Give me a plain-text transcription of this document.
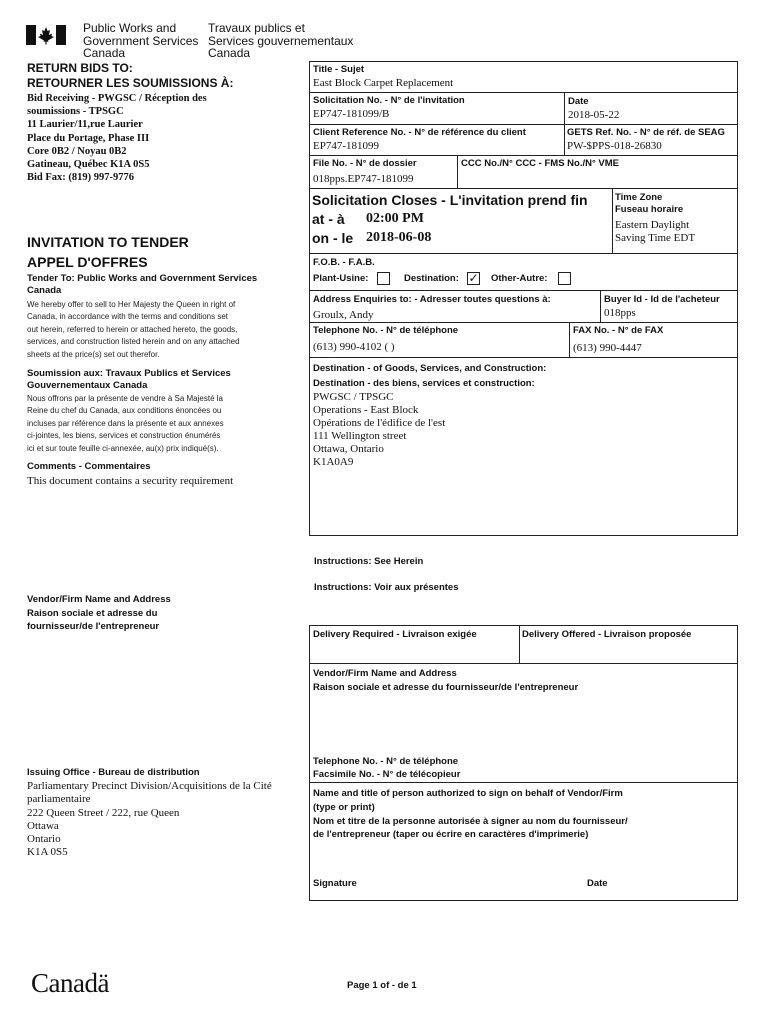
Public Works and
Government Services
Canada
Travaux publics et
Services gouvernementaux
Canada
RETURN BIDS TO:
RETOURNER LES SOUMISSIONS À:
Bid Receiving - PWGSC / Réception des
soumissions - TPSGC
11 Laurier/11,rue Laurier
Place du Portage, Phase III
Core 0B2 / Noyau 0B2
Gatineau, Québec K1A 0S5
Bid Fax: (819) 997-9776
INVITATION TO TENDER
APPEL D'OFFRES
Tender To: Public Works and Government Services
Canada
We hereby offer to sell to Her Majesty the Queen in right of
Canada, in accordance with the terms and conditions set
out herein, referred to herein or attached hereto, the goods,
services, and construction listed herein and on any attached
sheets at the price(s) set out therefor.
Soumission aux: Travaux Publics et Services
Gouvernementaux Canada
Nous offrons par la présente de vendre à Sa Majesté la
Reine du chef du Canada, aux conditions énoncées ou
incluses par référence dans la présente et aux annexes
ci-jointes, les biens, services et construction énumérés
ici et sur toute feuille ci-annexée, au(x) prix indiqué(s).
Comments - Commentaires
This document contains a security requirement
Vendor/Firm Name and Address
Raison sociale et adresse du
fournisseur/de l'entrepreneur
Issuing Office - Bureau de distribution
Parliamentary Precinct Division/Acquisitions de la Cité
parliamentaire
222 Queen Street / 222, rue Queen
Ottawa
Ontario
K1A 0S5
Title - Sujet
East Block Carpet Replacement
Solicitation No. - N° de l'invitation
EP747-181099/B
Date
2018-05-22
Client Reference No. - N° de référence du client
EP747-181099
GETS Ref. No. - N° de réf. de SEAG
PW-$PPS-018-26830
File No. - N° de dossier
018pps.EP747-181099
CCC No./N° CCC - FMS No./N° VME
Solicitation Closes - L'invitation prend fin
at - à 02:00 PM
on - le 2018-06-08
Time Zone
Fuseau horaire
Eastern Daylight
Saving Time EDT
F.O.B. - F.A.B.
Plant-Usine:	Destination: ✓ Other-Autre:
Address Enquiries to: - Adresser toutes questions à:
Groulx, Andy
Buyer Id - Id de l'acheteur
018pps
Telephone No. - N° de téléphone
(613) 990-4102 ( )
FAX No. - N° de FAX
(613) 990-4447
Destination - of Goods, Services, and Construction:
Destination - des biens, services et construction:
PWGSC / TPSGC
Operations - East Block
Opérations de l'édifice de l'est
111 Wellington street
Ottawa, Ontario
K1A0A9
Instructions: See Herein
Instructions: Voir aux présentes
Delivery Required - Livraison exigée	Delivery Offered - Livraison proposée
Vendor/Firm Name and Address
Raison sociale et adresse du fournisseur/de l'entrepreneur
Telephone No. - N° de téléphone
Facsimile No. - N° de télécopieur
Name and title of person authorized to sign on behalf of Vendor/Firm
(type or print)
Nom et titre de la personne autorisée à signer au nom du fournisseur/
de l'entrepreneur (taper ou écrire en caractères d'imprimerie)
Signature	Date
Canadä	Page 1 of - de 1
